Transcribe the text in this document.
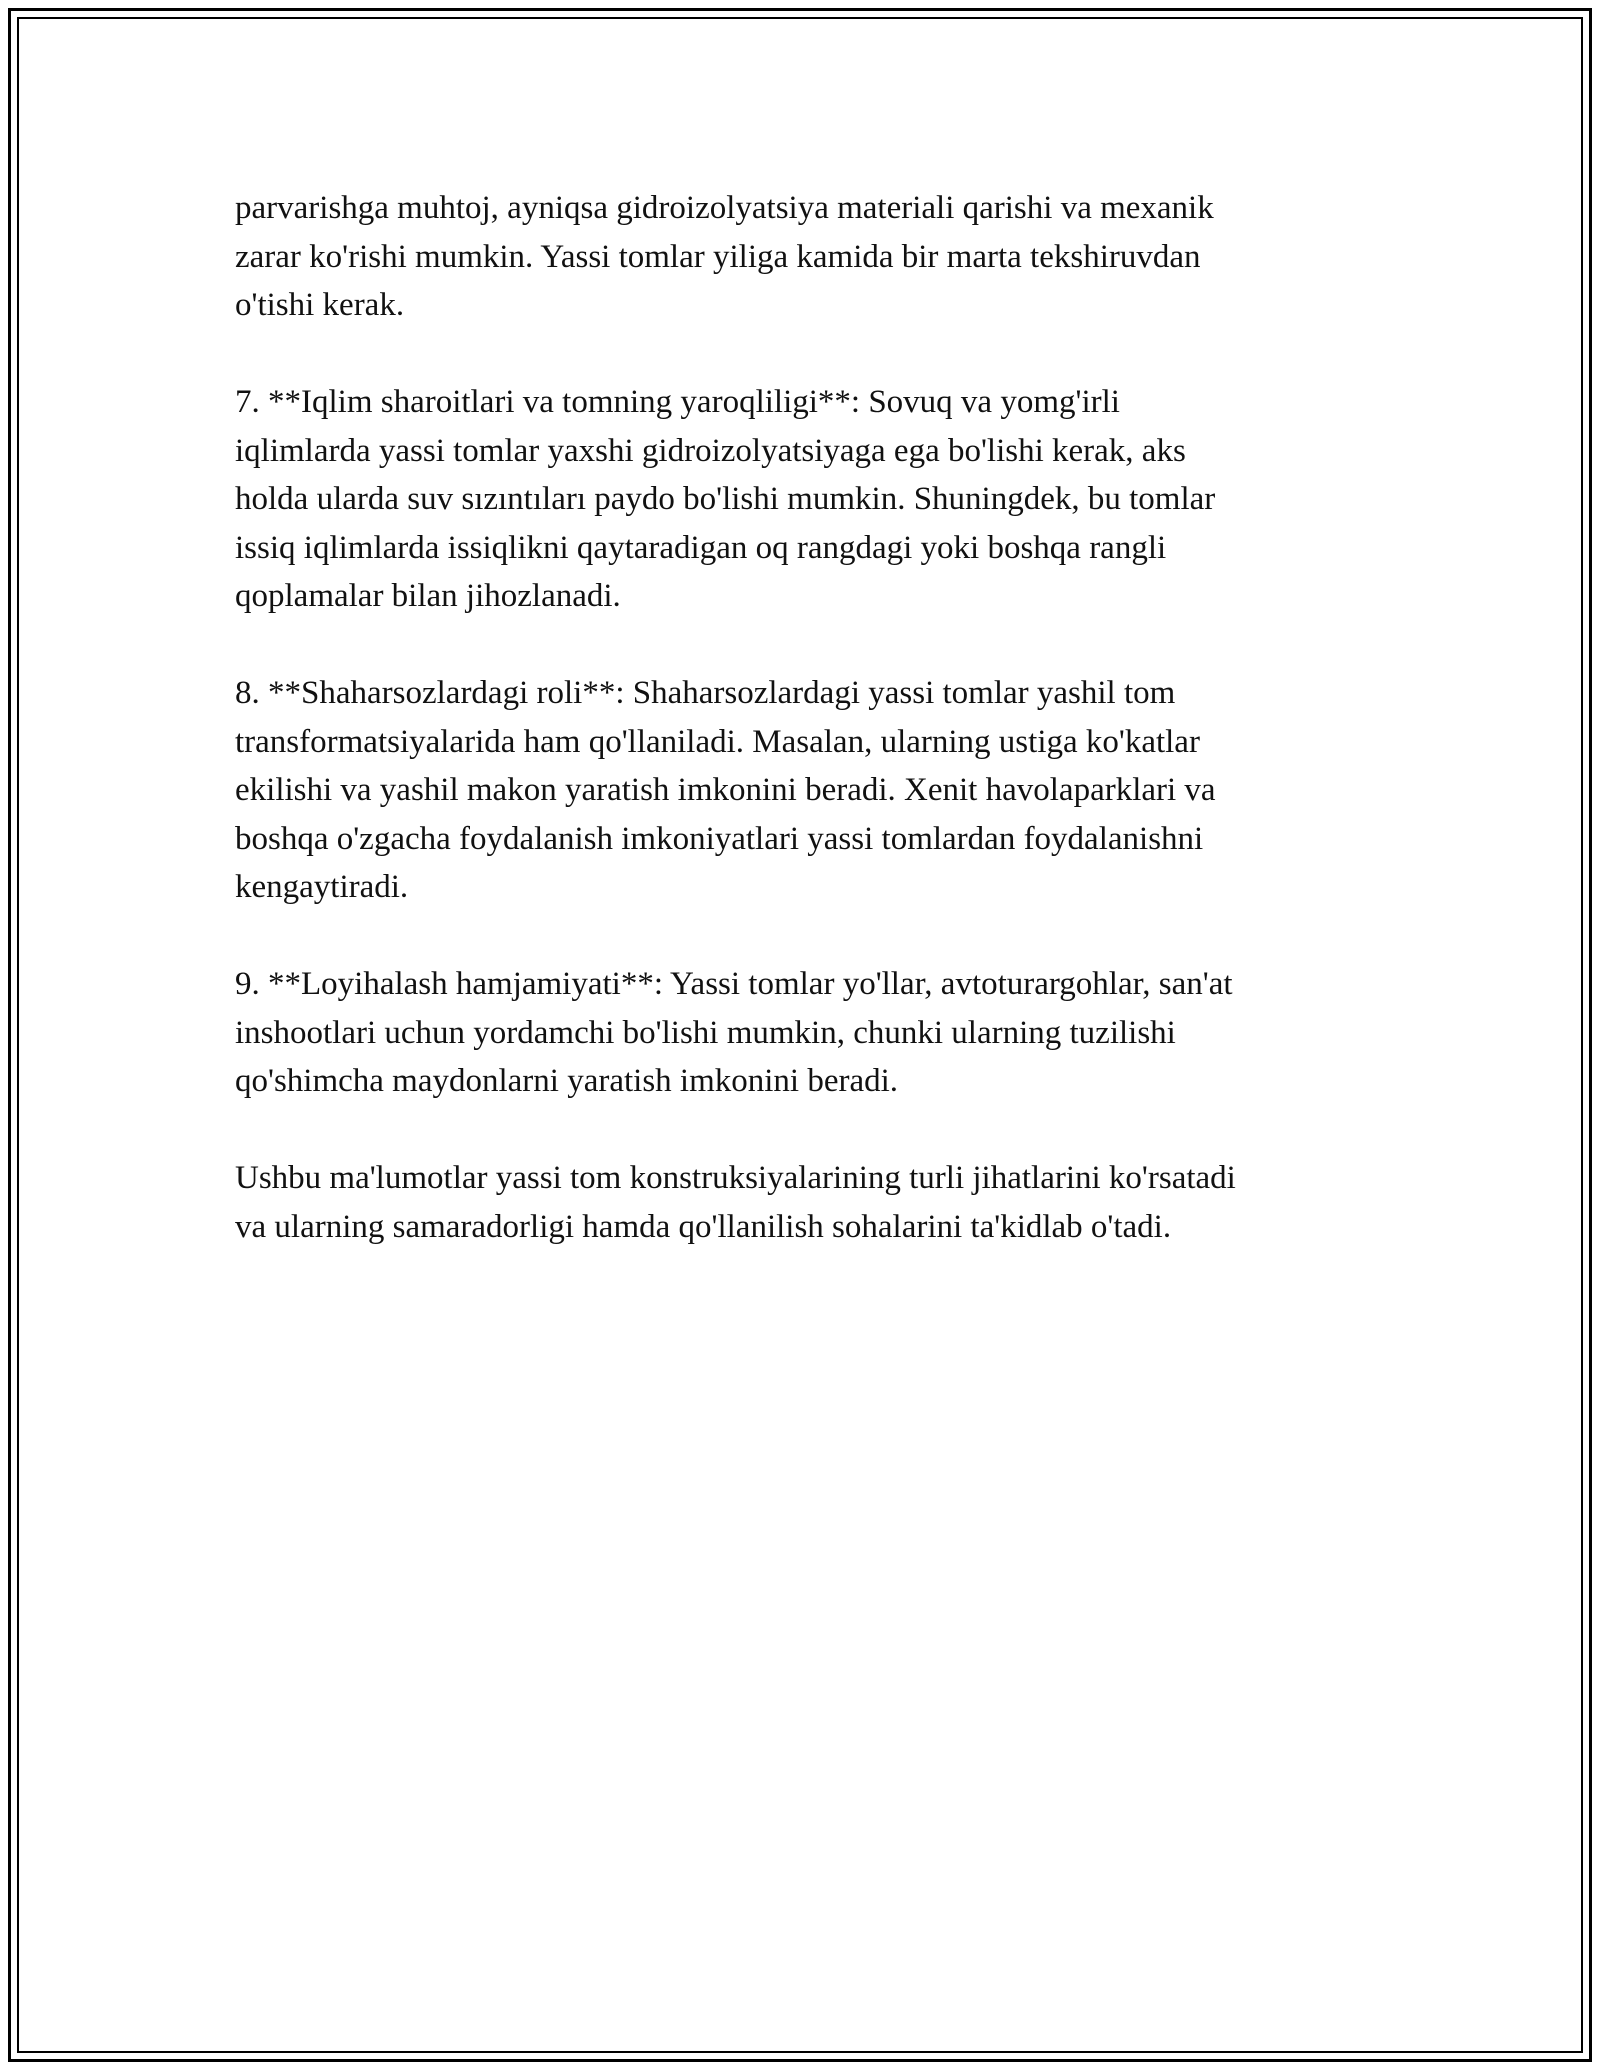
parvarishga muhtoj, ayniqsa gidroizolyatsiya materiali qarishi va mexanik
zarar ko'rishi mumkin. Yassi tomlar yiliga kamida bir marta tekshiruvdan
o'tishi kerak.

7. **Iqlim sharoitlari va tomning yaroqliligi**: Sovuq va yomg'irli
iqlimlarda yassi tomlar yaxshi gidroizolyatsiyaga ega bo'lishi kerak, aks
holda ularda suv sızıntıları paydo bo'lishi mumkin. Shuningdek, bu tomlar
issiq iqlimlarda issiqlikni qaytaradigan oq rangdagi yoki boshqa rangli
qoplamalar bilan jihozlanadi.

8. **Shaharsozlardagi roli**: Shaharsozlardagi yassi tomlar yashil tom
transformatsiyalarida ham qo'llaniladi. Masalan, ularning ustiga ko'katlar
ekilishi va yashil makon yaratish imkonini beradi. Xenit havolaparklari va
boshqa o'zgacha foydalanish imkoniyatlari yassi tomlardan foydalanishni
kengaytiradi.

9. **Loyihalash hamjamiyati**: Yassi tomlar yo'llar, avtoturargohlar, san'at
inshootlari uchun yordamchi bo'lishi mumkin, chunki ularning tuzilishi
qo'shimcha maydonlarni yaratish imkonini beradi.

Ushbu ma'lumotlar yassi tom konstruksiyalarining turli jihatlarini ko'rsatadi
va ularning samaradorligi hamda qo'llanilish sohalarini ta'kidlab o'tadi.
